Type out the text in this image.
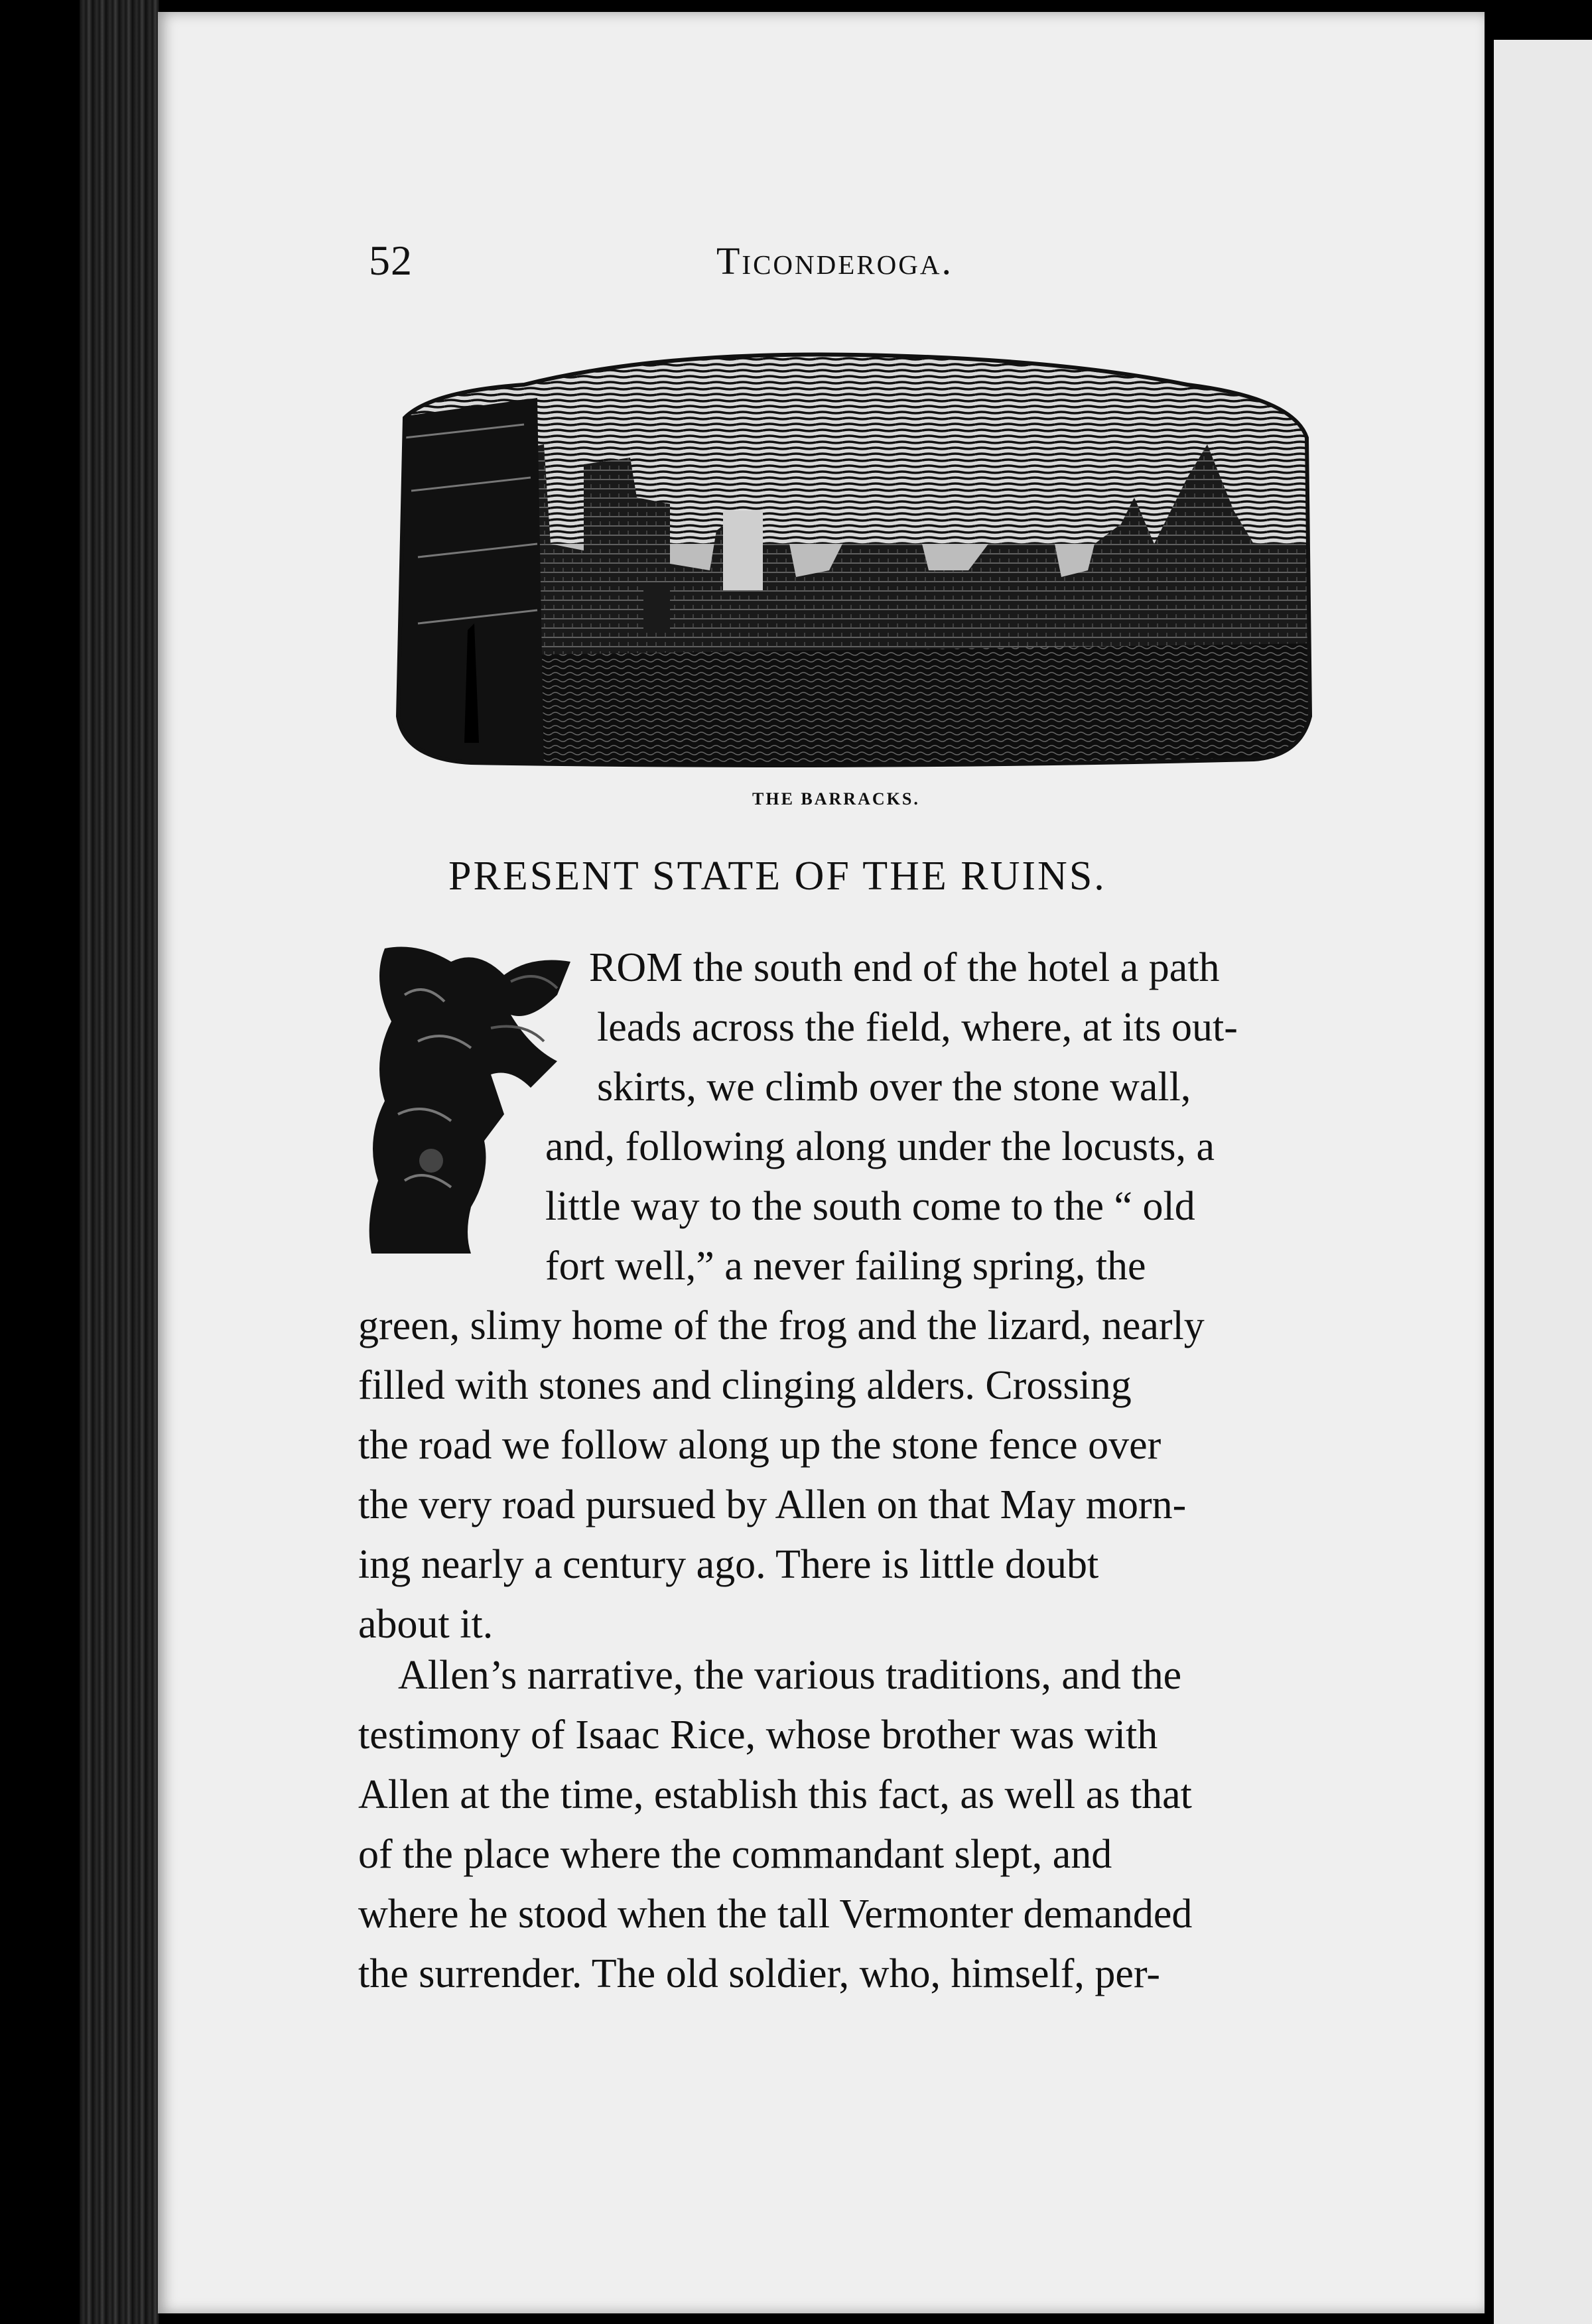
52	Ticonderoga.
THE BARRACKS.
PRESENT STATE OF THE RUINS.
ROM the south end of the hotel a path
leads across the field, where, at its out-
skirts, we climb over the stone wall,
and, following along under the locusts, a
little way to the south come to the “ old
fort well,” a never failing spring, the
green, slimy home of the frog and the lizard, nearly
filled with stones and clinging alders. Crossing
the road we follow along up the stone fence over
the very road pursued by Allen on that May morn-
ing nearly a century ago. There is little doubt
about it.
Allen’s narrative, the various traditions, and the
testimony of Isaac Rice, whose brother was with
Allen at the time, establish this fact, as well as that
of the place where the commandant slept, and
where he stood when the tall Vermonter demanded
the surrender. The old soldier, who, himself, per-
